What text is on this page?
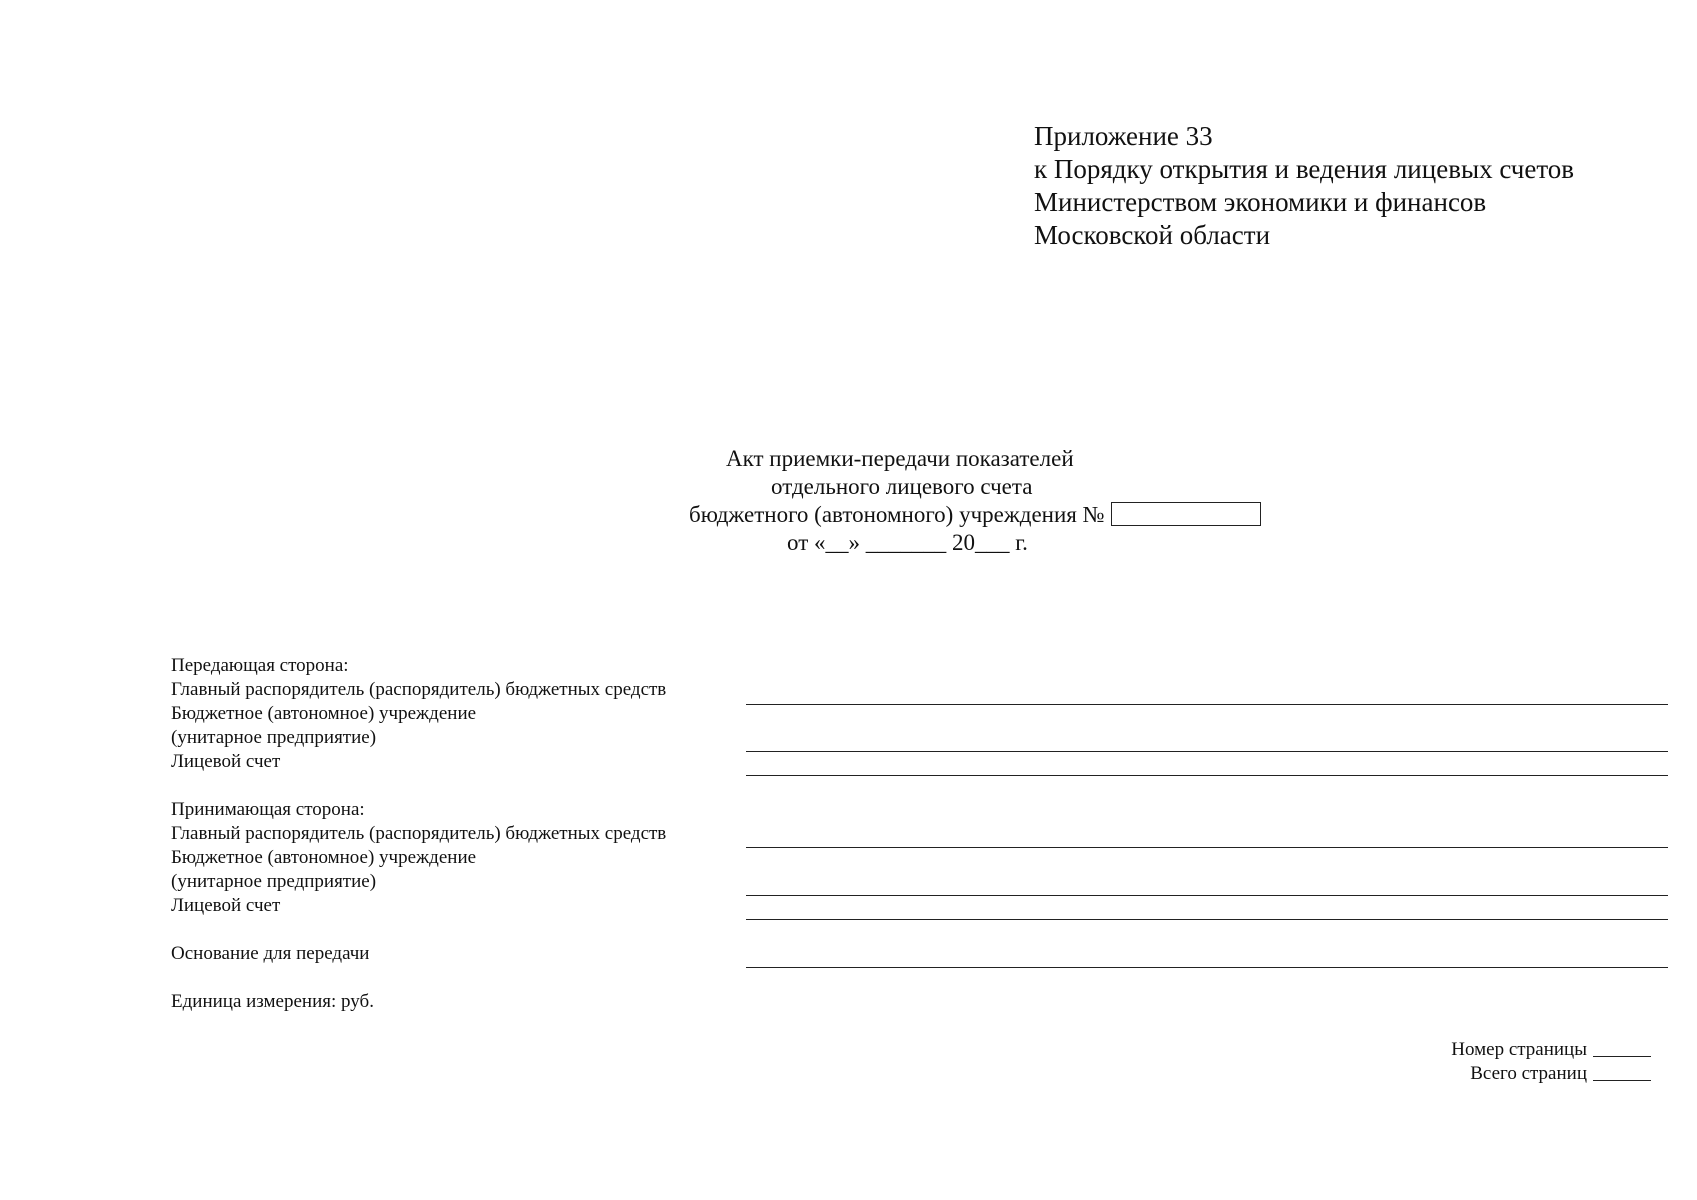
Приложение 33
к Порядку открытия и ведения лицевых счетов
Министерством экономики и финансов
Московской области
Акт приемки-передачи показателей
отдельного лицевого счета
бюджетного (автономного) учреждения №
от «__» _______ 20___ г.
Передающая сторона:
Главный распорядитель (распорядитель) бюджетных средств
Бюджетное (автономное) учреждение
(унитарное предприятие)
Лицевой счет
Принимающая сторона:
Главный распорядитель (распорядитель) бюджетных средств
Бюджетное (автономное) учреждение
(унитарное предприятие)
Лицевой счет
Основание для передачи
Единица измерения: руб.
Номер страницы
Всего страниц
